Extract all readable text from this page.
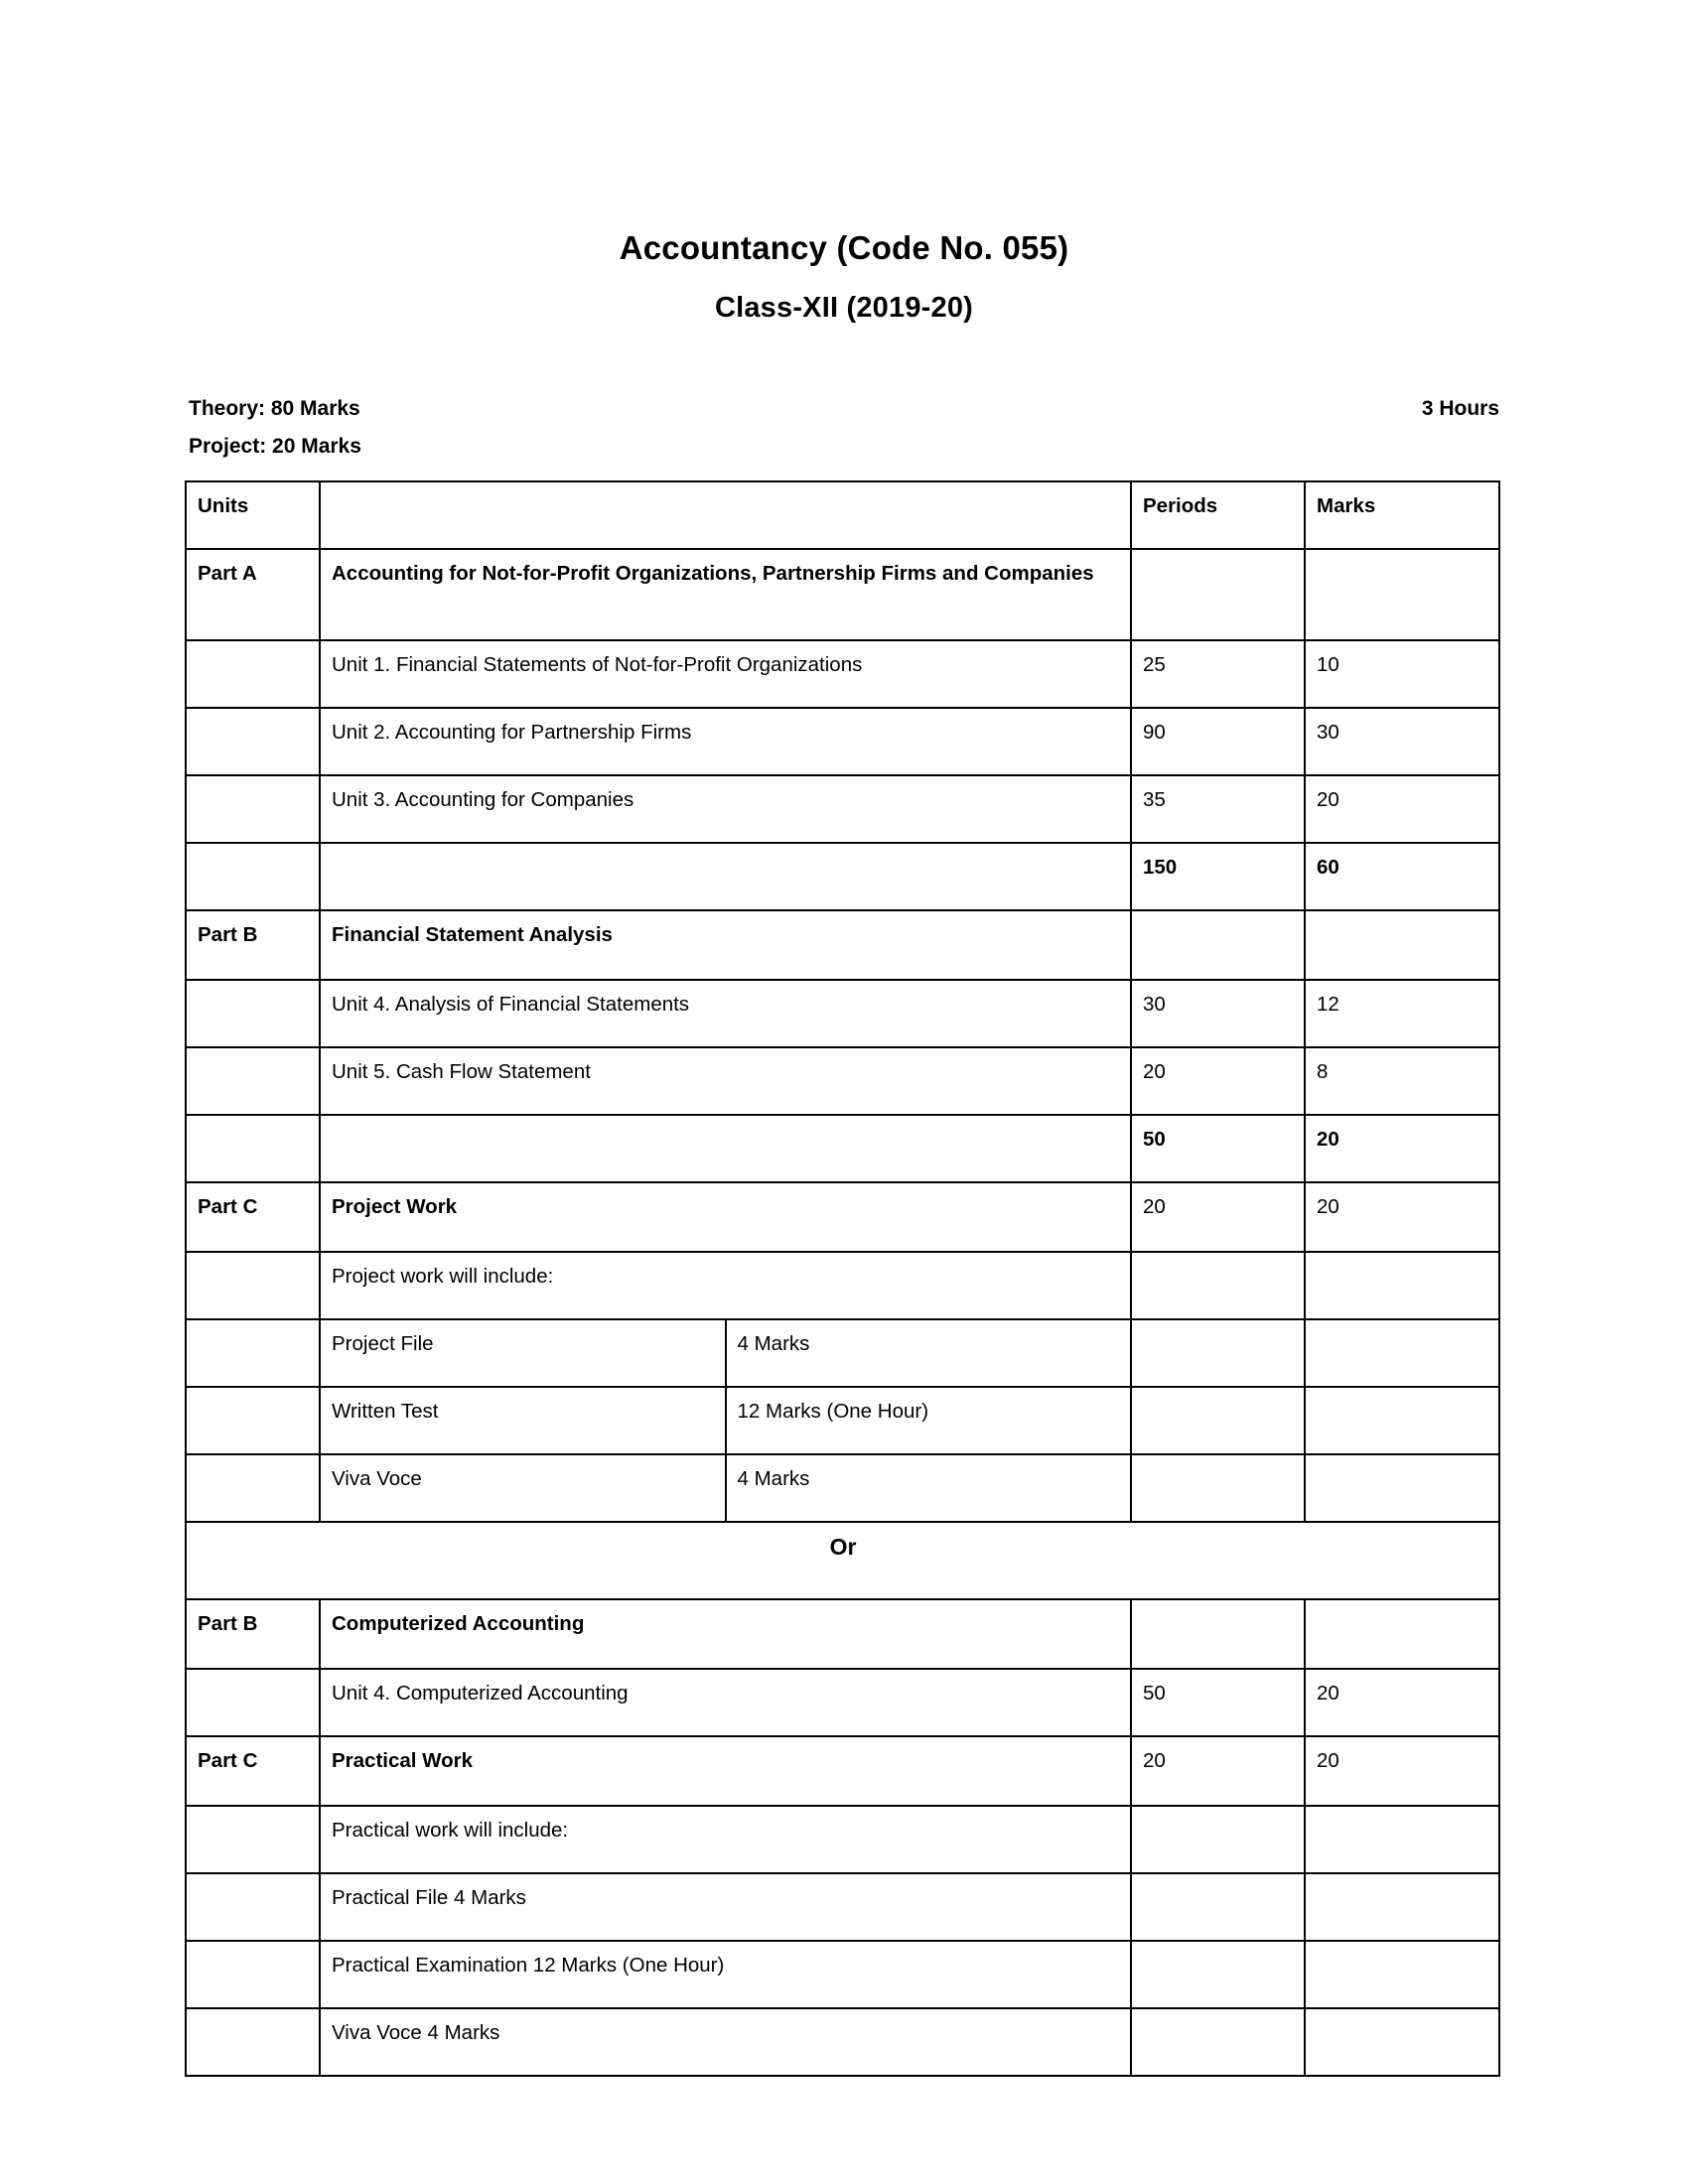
Accountancy (Code No. 055)
Class-XII (2019-20)
Theory: 80 Marks	3 Hours
Project: 20 Marks
Units			Periods	Marks
Part A	Accounting for Not-for-Profit Organizations, Partnership Firms and Companies			
	Unit 1. Financial Statements of Not-for-Profit Organizations		25	10
	Unit 2. Accounting for Partnership Firms		90	30
	Unit 3. Accounting for Companies		35	20
			150	60
Part B	Financial Statement Analysis			
	Unit 4. Analysis of Financial Statements		30	12
	Unit 5. Cash Flow Statement		20	8
			50	20
Part C	Project Work		20	20
	Project work will include:			
	Project File	4 Marks		
	Written Test	12 Marks (One Hour)		
	Viva Voce	4 Marks		
Or				
Part B	Computerized Accounting			
	Unit 4. Computerized Accounting		50	20
Part C	Practical Work		20	20
	Practical work will include:			
	Practical File 4 Marks			
	Practical Examination 12 Marks (One Hour)			
	Viva Voce 4 Marks			
